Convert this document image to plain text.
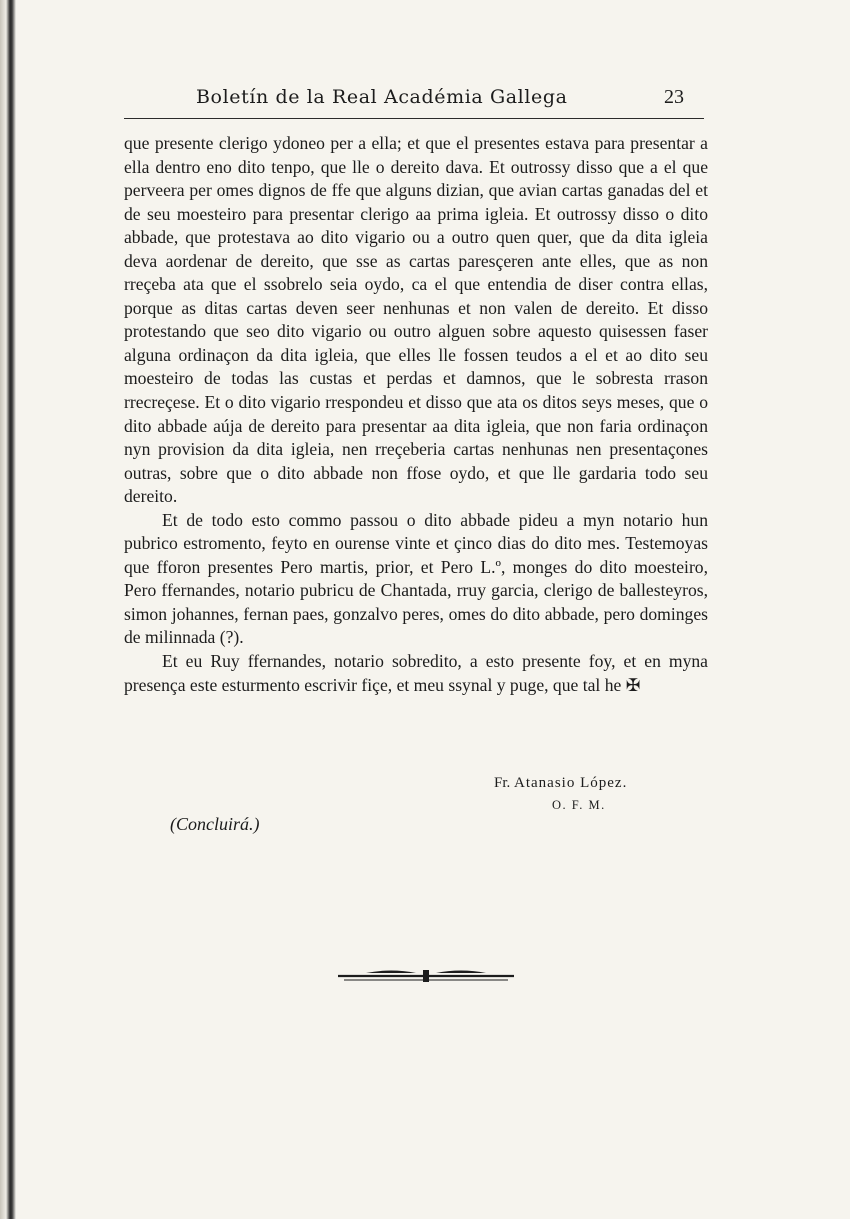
Boletín de la Real Académia Gallega	23

que presente clerigo ydoneo per a ella; et que el presentes estava para presentar a ella dentro eno dito tenpo, que lle o dereito dava. Et outrossy disso que a el que perveera per omes dignos de ffe que alguns dizian, que avian cartas ganadas del et de seu moesteiro para presentar clerigo aa prima igleia. Et outrossy disso o dito abbade, que protestava ao dito vigario ou a outro quen quer, que da dita igleia deva aordenar de dereito, que sse as cartas paresçeren ante elles, que as non rreçeba ata que el ssobrelo seia oydo, ca el que entendia de diser contra ellas, porque as ditas cartas deven seer nenhunas et non valen de dereito. Et disso protestando que seo dito vigario ou outro alguen sobre aquesto quisessen faser alguna ordinaçon da dita igleia, que elles lle fossen teudos a el et ao dito seu moesteiro de todas las custas et perdas et damnos, que le sobresta rrason rrecreçese. Et o dito vigario rrespondeu et disso que ata os ditos seys meses, que o dito abbade aúja de dereito para presentar aa dita igleia, que non faria ordinaçon nyn provision da dita igleia, nen rreçeberia cartas nenhunas nen presentaçones outras, sobre que o dito abbade non ffose oydo, et que lle gardaria todo seu dereito.

Et de todo esto commo passou o dito abbade pideu a myn notario hun pubrico estromento, feyto en ourense vinte et çinco dias do dito mes. Testemoyas que fforon presentes Pero martis, prior, et Pero L.º, monges do dito moesteiro, Pero ffernandes, notario pubricu de Chantada, rruy garcia, clerigo de ballesteyros, simon johannes, fernan paes, gonzalvo peres, omes do dito abbade, pero dominges de milinnada (?).

Et eu Ruy ffernandes, notario sobredito, a esto presente foy, et en myna presença este esturmento escrivir fiçe, et meu ssynal y puge, que tal he ✠

Fr. Atanasio López.
O. F. M.
(Concluirá.)
